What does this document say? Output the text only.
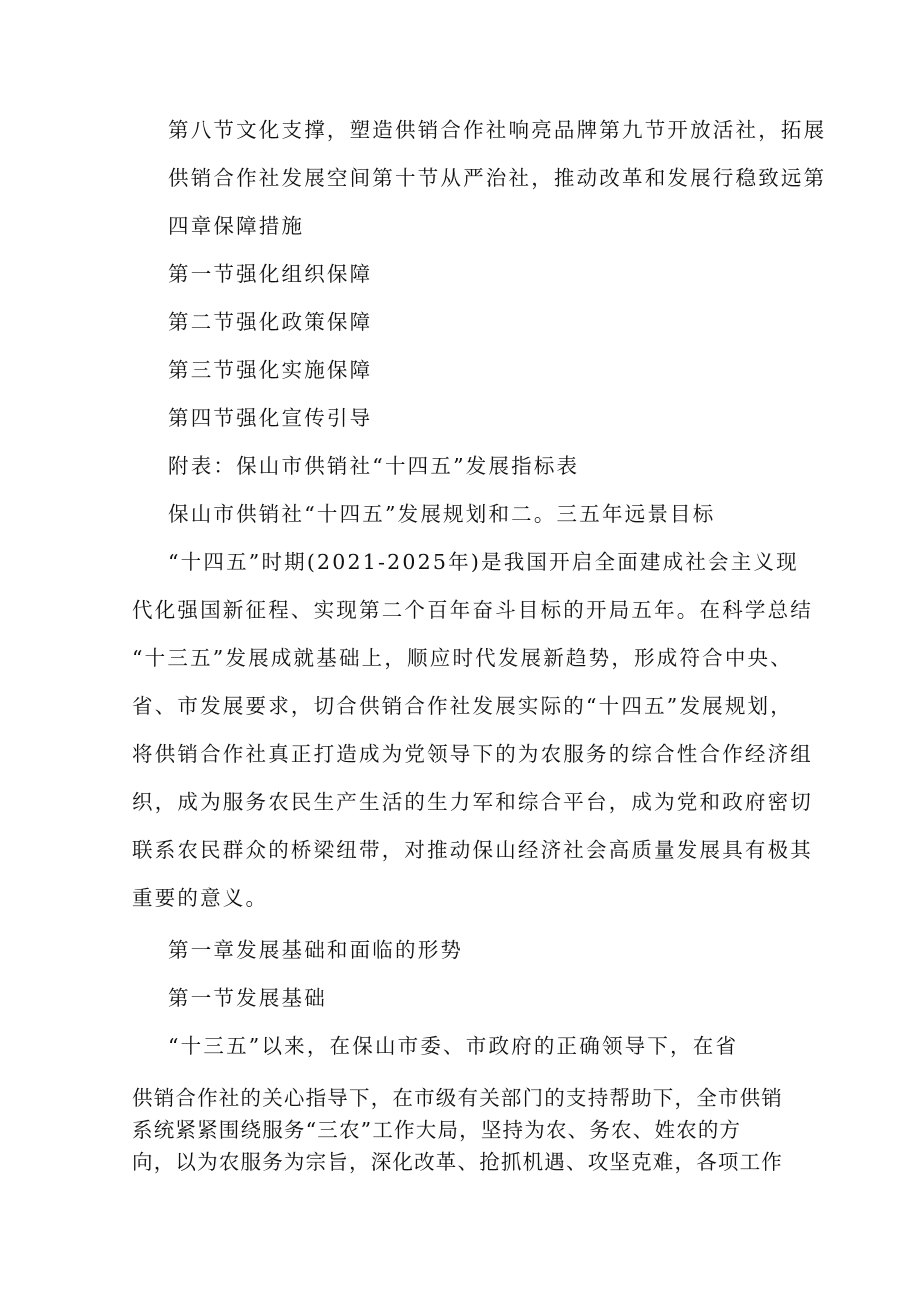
第八节文化支撑，塑造供销合作社响亮品牌第九节开放活社，拓展
供销合作社发展空间第十节从严治社，推动改革和发展行稳致远第
四章保障措施
第一节强化组织保障
第二节强化政策保障
第三节强化实施保障
第四节强化宣传引导
附表：保山市供销社“十四五”发展指标表
保山市供销社“十四五”发展规划和二。三五年远景目标
“十四五”时期(2021-2025年)是我国开启全面建成社会主义现
代化强国新征程、实现第二个百年奋斗目标的开局五年。在科学总结
“十三五”发展成就基础上，顺应时代发展新趋势，形成符合中央、
省、市发展要求，切合供销合作社发展实际的“十四五”发展规划，
将供销合作社真正打造成为党领导下的为农服务的综合性合作经济组
织，成为服务农民生产生活的生力军和综合平台，成为党和政府密切
联系农民群众的桥梁纽带，对推动保山经济社会高质量发展具有极其
重要的意义。
第一章发展基础和面临的形势
第一节发展基础
“十三五”以来，在保山市委、市政府的正确领导下，在省
供销合作社的关心指导下，在市级有关部门的支持帮助下，全市供销
系统紧紧围绕服务“三农”工作大局，坚持为农、务农、姓农的方
向，以为农服务为宗旨，深化改革、抢抓机遇、攻坚克难，各项工作
